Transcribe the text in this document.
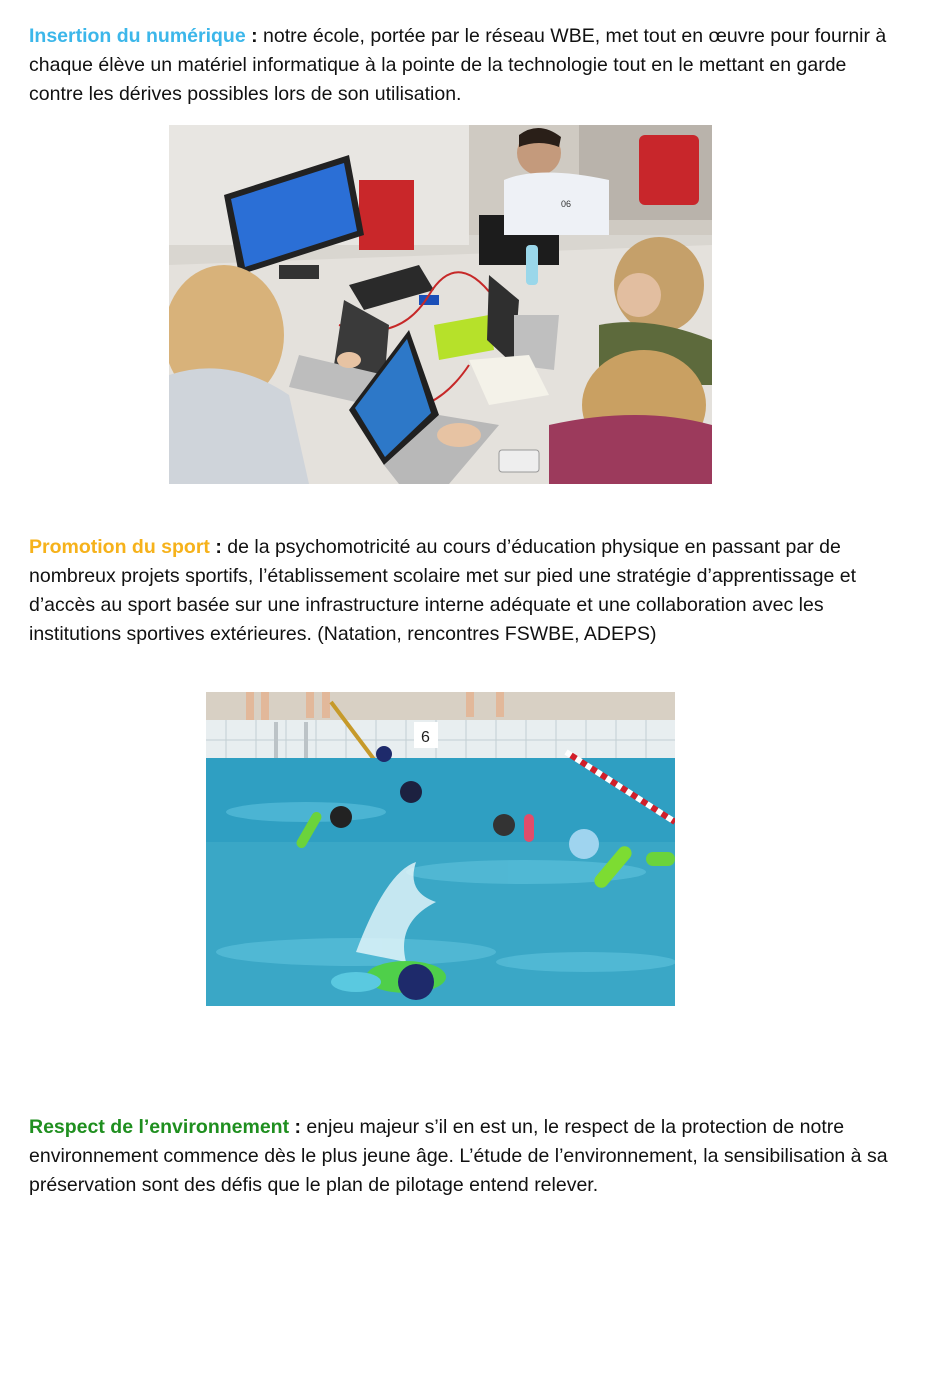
Insertion du numérique : notre école, portée par le réseau WBE, met tout en œuvre pour fournir à chaque élève un matériel informatique à la pointe de la technologie tout en le mettant en garde contre les dérives possibles lors de son utilisation.

06

Promotion du sport : de la psychomotricité au cours d’éducation physique en passant par de nombreux projets sportifs, l’établissement scolaire met sur pied une stratégie d’apprentissage et d’accès au sport basée sur une infrastructure interne adéquate et une collaboration avec les institutions sportives extérieures. (Natation, rencontres FSWBE, ADEPS)

6

Respect de l’environnement : enjeu majeur s’il en est un, le respect de la protection de notre environnement commence dès le plus jeune âge. L’étude de l’environnement, la sensibilisation à sa préservation sont des défis que le plan de pilotage entend relever.
